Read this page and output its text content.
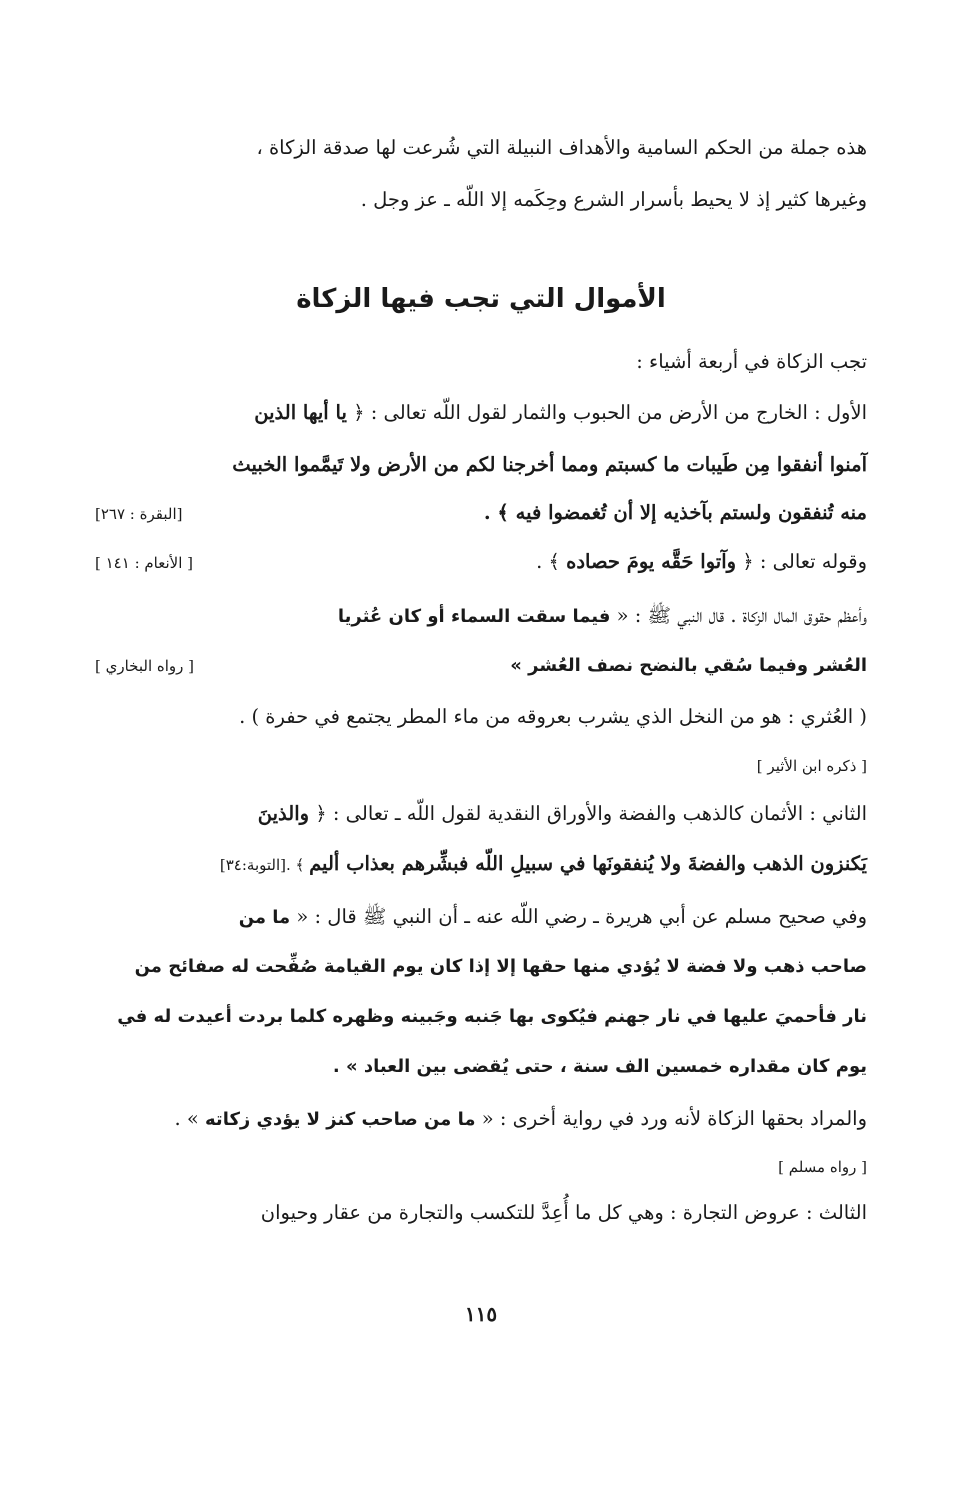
هذه جملة من الحكم السامية والأهداف النبيلة التي شُرعت لها صدقة الزكاة ،
وغيرها كثير إذ لا يحيط بأسرار الشرع وحِكَمه إلا اللّه ـ عز وجل .
الأموال التي تجب فيها الزكاة
تجب الزكاة في أربعة أشياء :
الأول : الخارج من الأرض من الحبوب والثمار لقول اللّه تعالى : ﴿ يا أيها الذين
آمنوا أنفقوا مِن طَيبات ما كسبتم ومما أخرجنا لكم من الأرض ولا تَيمَّموا الخبيث
منه تُنفقون ولستم بآخذيه إلا أن تُغمضوا فيه ﴾ .
[البقرة : ٢٦٧]
وقوله تعالى : ﴿ وآتوا حَقَّه يومَ حصاده ﴾ .
[ الأنعام : ١٤١ ]
وأعظم حقوق المال الزكاة . قال النبي ﷺ : « فيما سقت السماء أو كان عُثريا
العُشر وفيما سُقي بالنضح نصف العُشر »
[ رواه البخاري ]
( العُثري : هو من النخل الذي يشرب بعروقه من ماء المطر يجتمع في حفرة ) .
[ ذكره ابن الأثير ]
الثاني : الأثمان كالذهب والفضة والأوراق النقدية لقول اللّه ـ تعالى : ﴿ والذينَ
يَكنزون الذهب والفضةَ ولا يُنفقونَها في سبيلِ اللّه فبشِّرهم بعذاب أليم ﴾ .[التوبة:٣٤]
وفي صحيح مسلم عن أبي هريرة ـ رضي اللّه عنه ـ أن النبي ﷺ قال : « ما من
صاحب ذهب ولا فضة لا يُؤدي منها حقها إلا إذا كان يوم القيامة صُفِّحت له صفائح من
نار فأحميَ عليها في نار جهنم فيُكوى بها جَنبه وجَبينه وظهره كلما بردت أعيدت له في
يوم كان مقداره خمسين الف سنة ، حتى يُقضى بين العباد » .
والمراد بحقها الزكاة لأنه ورد في رواية أخرى : « ما من صاحب كنز لا يؤدي زكاته » .
[ رواه مسلم ]
الثالث : عروض التجارة : وهي كل ما أُعِدَّ للتكسب والتجارة من عقار وحيوان
١١٥
